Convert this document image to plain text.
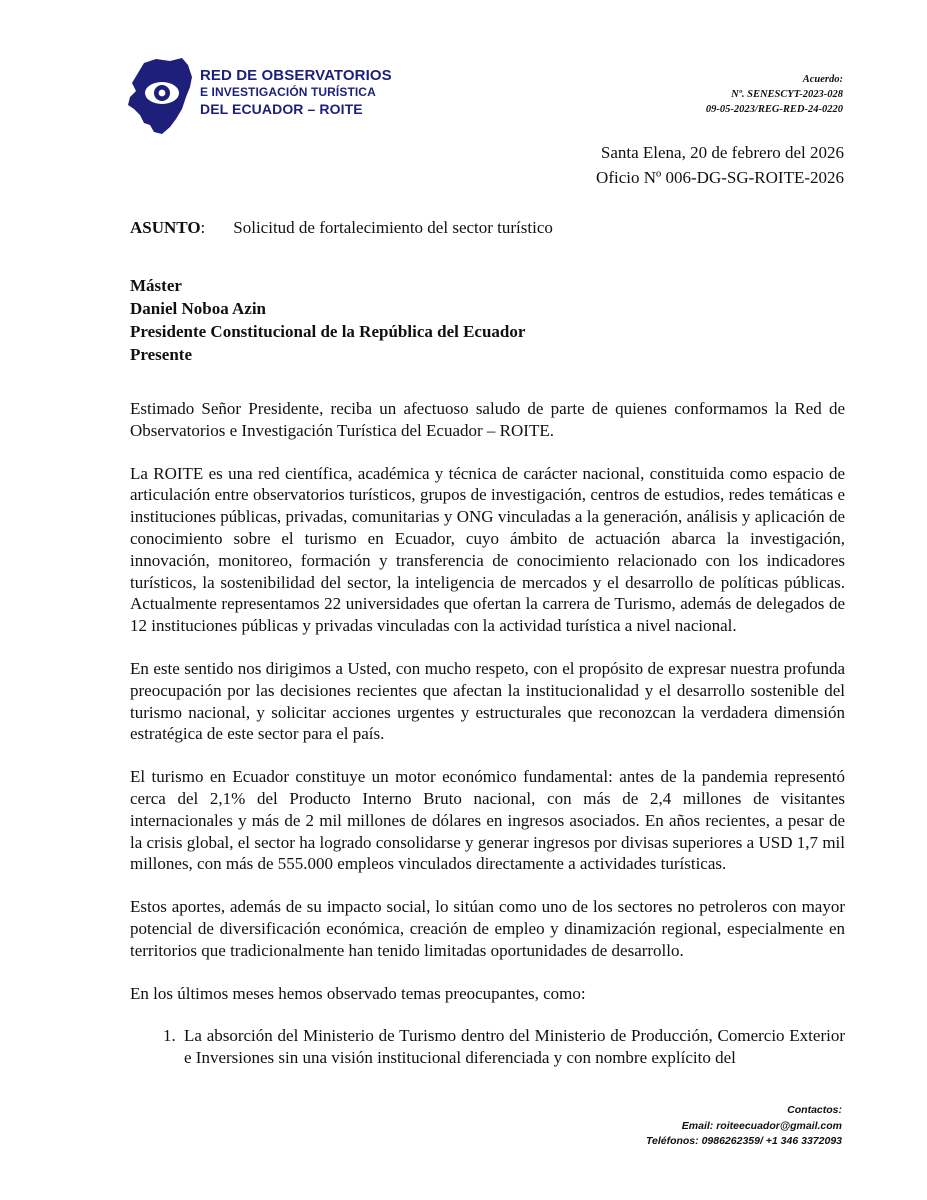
RED DE OBSERVATORIOS
E INVESTIGACIÓN TURÍSTICA
DEL ECUADOR – ROITE
Acuerdo:
Nº. SENESCYT-2023-028
09-05-2023/REG-RED-24-0220
Santa Elena, 20 de febrero del 2026
Oficio Nº 006-DG-SG-ROITE-2026
ASUNTO: Solicitud de fortalecimiento del sector turístico
Máster
Daniel Noboa Azin
Presidente Constitucional de la República del Ecuador
Presente

Estimado Señor Presidente, reciba un afectuoso saludo de parte de quienes conformamos la Red de Observatorios e Investigación Turística del Ecuador – ROITE.

La ROITE es una red científica, académica y técnica de carácter nacional, constituida como espacio de articulación entre observatorios turísticos, grupos de investigación, centros de estudios, redes temáticas e instituciones públicas, privadas, comunitarias y ONG vinculadas a la generación, análisis y aplicación de conocimiento sobre el turismo en Ecuador, cuyo ámbito de actuación abarca la investigación, innovación, monitoreo, formación y transferencia de conocimiento relacionado con los indicadores turísticos, la sostenibilidad del sector, la inteligencia de mercados y el desarrollo de políticas públicas. Actualmente representamos 22 universidades que ofertan la carrera de Turismo, además de delegados de 12 instituciones públicas y privadas vinculadas con la actividad turística a nivel nacional.

En este sentido nos dirigimos a Usted, con mucho respeto, con el propósito de expresar nuestra profunda preocupación por las decisiones recientes que afectan la institucionalidad y el desarrollo sostenible del turismo nacional, y solicitar acciones urgentes y estructurales que reconozcan la verdadera dimensión estratégica de este sector para el país.

El turismo en Ecuador constituye un motor económico fundamental: antes de la pandemia representó cerca del 2,1% del Producto Interno Bruto nacional, con más de 2,4 millones de visitantes internacionales y más de 2 mil millones de dólares en ingresos asociados. En años recientes, a pesar de la crisis global, el sector ha logrado consolidarse y generar ingresos por divisas superiores a USD 1,7 mil millones, con más de 555.000 empleos vinculados directamente a actividades turísticas.

Estos aportes, además de su impacto social, lo sitúan como uno de los sectores no petroleros con mayor potencial de diversificación económica, creación de empleo y dinamización regional, especialmente en territorios que tradicionalmente han tenido limitadas oportunidades de desarrollo.

En los últimos meses hemos observado temas preocupantes, como:

1. La absorción del Ministerio de Turismo dentro del Ministerio de Producción, Comercio Exterior e Inversiones sin una visión institucional diferenciada y con nombre explícito del
Contactos:
Email: roiteecuador@gmail.com
Teléfonos: 0986262359/ +1 346 3372093
